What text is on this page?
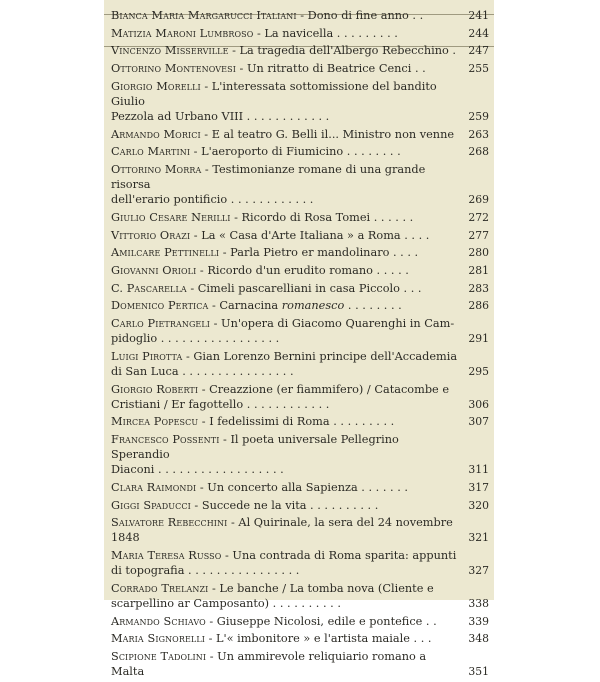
Bianca Maria Margarucci Italiani - Dono di fine anno . .	241
Matizia Maroni Lumbroso - La navicella . . . . . . . . .	244
Vincenzo Misserville - La tragedia dell'Albergo Rebecchino .	247
Ottorino Montenovesi - Un ritratto di Beatrice Cenci . .	255
Giorgio Morelli - L'interessata sottomissione del bandito Giulio
Pezzola ad Urbano VIII . . . . . . . . . . . .	259
Armando Morici - E al teatro G. Belli il... Ministro non venne	263
Carlo Martini - L'aeroporto di Fiumicino . . . . . . . .	268
Ottorino Morra - Testimonianze romane di una grande risorsa
dell'erario pontificio . . . . . . . . . . . .	269
Giulio Cesare Nerilli - Ricordo di Rosa Tomei . . . . . .	272
Vittorio Orazi - La « Casa d'Arte Italiana » a Roma . . . .	277
Amilcare Pettinelli - Parla Pietro er mandolinaro . . . .	280
Giovanni Orioli - Ricordo d'un erudito romano . . . . .	281
C. Pascarella - Cimeli pascarelliani in casa Piccolo . . .	283
Domenico Pertica - Carnacina romanesco . . . . . . . .	286
Carlo Pietrangeli - Un'opera di Giacomo Quarenghi in Cam-
pidoglio . . . . . . . . . . . . . . . . .	291
Luigi Pirotta - Gian Lorenzo Bernini principe dell'Accademia
di San Luca . . . . . . . . . . . . . . . .	295
Giorgio Roberti - Creazzione (er fiammifero) / Catacombe e
Cristiani / Er fagottello . . . . . . . . . . . .	306
Mircea Popescu - I fedelissimi di Roma . . . . . . . . .	307
Francesco Possenti - Il poeta universale Pellegrino Sperandio
Diaconi . . . . . . . . . . . . . . . . . .	311
Clara Raimondi - Un concerto alla Sapienza . . . . . . .	317
Giggi Spaducci - Succede ne la vita . . . . . . . . . .	320
Salvatore Rebecchini - Al Quirinale, la sera del 24 novembre 1848	321
Maria Teresa Russo - Una contrada di Roma sparita: appunti
di topografia . . . . . . . . . . . . . . . .	327
Corrado Trelanzi - Le banche / La tomba nova (Cliente e
scarpellino ar Camposanto) . . . . . . . . . .	338
Armando Schiavo - Giuseppe Nicolosi, edile e pontefice . .	339
Maria Signorelli - L'« imbonitore » e l'artista maiale . . .	348
Scipione Tadolini - Un ammirevole reliquiario romano a Malta	351
